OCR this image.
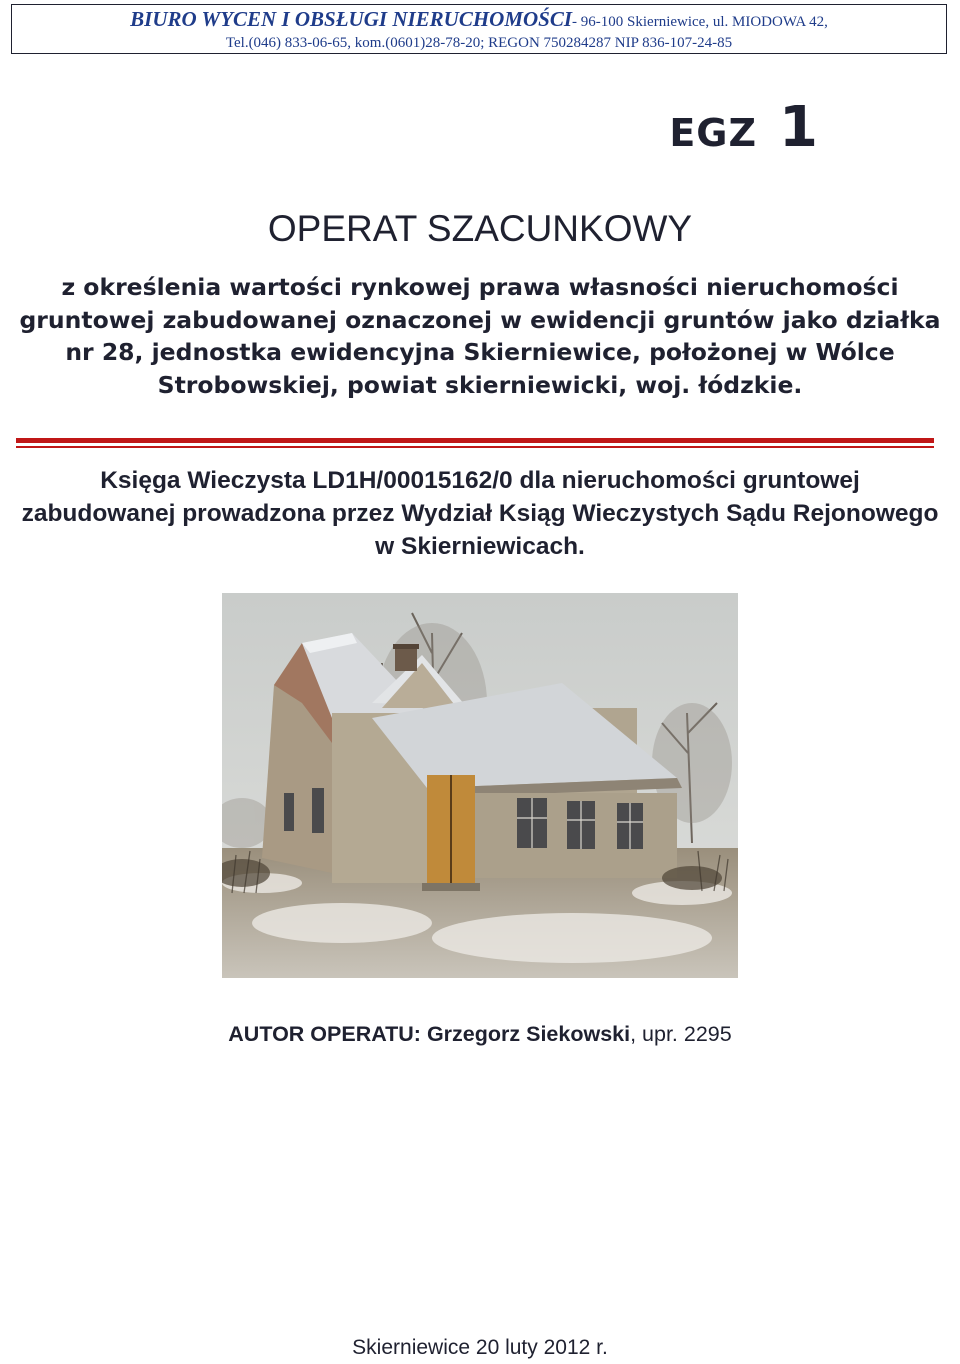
BIURO WYCEN I OBSŁUGI NIERUCHOMOŚCI- 96-100 Skierniewice, ul. MIODOWA 42,
Tel.(046) 833-06-65, kom.(0601)28-78-20; REGON 750284287 NIP 836-107-24-85
EGZ 1
OPERAT SZACUNKOWY
z określenia wartości rynkowej prawa własności nieruchomości gruntowej zabudowanej oznaczonej w ewidencji gruntów jako działka nr 28, jednostka ewidencyjna Skierniewice, położonej w Wólce Strobowskiej, powiat skierniewicki, woj. łódzkie.
Księga Wieczysta LD1H/00015162/0 dla nieruchomości gruntowej zabudowanej prowadzona przez Wydział Ksiąg Wieczystych Sądu Rejonowego w Skierniewicach.
AUTOR OPERATU: Grzegorz Siekowski, upr. 2295
Skierniewice 20 luty 2012 r.
